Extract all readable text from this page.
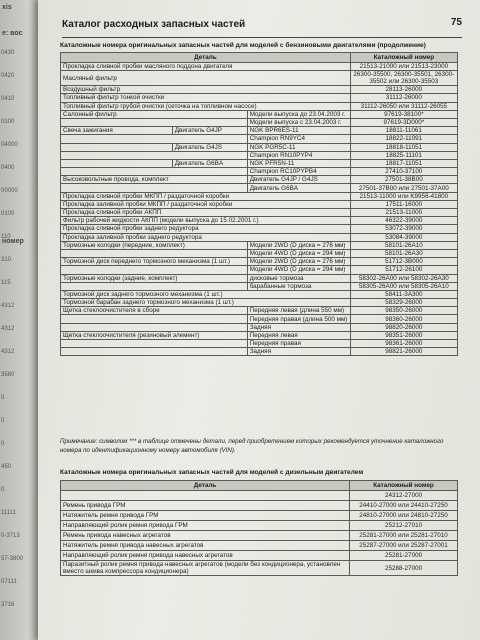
xis
е: вос
номер
0430
0420
0410
0100
04000
0400
00000
0100
110
310
115
4312
4312
4312
3580
0
0
0
450
0
11111
0-3713
57-3800
07111
3716
Каталог расходных запасных частей	75
Каталожные номера оригинальных запасных частей для моделей с бензиновыми двигателями (продолжение)
Деталь			Каталожный номер
Прокладка сливной пробки масляного поддона двигателя			21513-21000 или 21513-23000
Масляный фильтр			26300-35500, 26300-35501, 26300-35502 или 26300-35503
Воздушный фильтр			28113-26000
Топливный фильтр тонкой очистки			31112-26000
Топливный фильтр грубой очистки (сеточка на топливном насосе)			31112-26050 или 31112-26055
Салонный фильтр		Модели выпуска до 23.04.2003 г.	97619-38100*
		Модели выпуска с 23.04.2003 г.	97619-3D000*
Свеча зажигания	Двигатель G4JP	NGK BPR6ES-11	18811-11061
		Champion RN9YC4	18822-11091
	Двигатель G4JS	NGK PGR5C-11	18818-11051
		Champion RN10PYP4	18825-11101
	Двигатель G6BA	NGK PFR5N-11	18817-11051
		Champion RC10PYPB4	27410-37100
Высоковольтные провода, комплект		Двигатель G4JP / G4JS	27501-38B00
		Двигатель G6BA	27501-37B00 или 27501-37A00
Прокладка сливной пробки МКПП / раздаточной коробки			21513-11000 или K9956-41800
Прокладка заливной пробки МКПП / раздаточной коробки			17511-16000
Прокладка сливной пробки АКПП			21513-11000
Фильтр рабочей жидкости АКПП (модели выпуска до 15.02.2001 г.)			46322-39000
Прокладка сливной пробки заднего редуктора			53072-39000
Прокладка заливной пробки заднего редуктора			53084-39000
Тормозные колодки (передние, комплект)		Модели 2WD (D диска = 276 мм)	58101-26A10
		Модели 4WD (D диска = 294 мм)	58101-26A30
Тормозной диск переднего тормозного механизма (1 шт.)		Модели 2WD (D диска = 276 мм)	51712-3B000
		Модели 4WD (D диска = 294 мм)	51712-26100
Тормозные колодки (задние, комплект)		дисковые тормоза	58302-26A00 или 58302-26A30
		барабанные тормоза	58305-26A00 или 58305-26A10
Тормозной диск заднего тормозного механизма (1 шт.)			58411-3A300
Тормозной барабан заднего тормозного механизма (1 шт.)			58329-26000
Щетка стеклоочистителя в сборе		Передняя левая (длина 550 мм)	98350-26000
		Передняя правая (длина 500 мм)	98360-26000
		Задняя	98820-26000
Щетка стеклоочистителя (резиновый элемент)		Передняя левая	98351-26000
		Передняя правая	98361-26000
		Задняя	98821-26000
Примечание: символом *** в таблице отмечены детали, перед приобретением которых рекомендуется уточнение каталожного номера по идентификационному номеру автомобиля (VIN).
Каталожные номера оригинальных запасных частей для моделей с дизельным двигателем
Деталь	Каталожный номер
	24312-27000
Ремень привода ГРМ	24410-27000 или 24410-27250
Натяжитель ремня привода ГРМ	24810-27000 или 24810-27250
Направляющий ролик ремня привода ГРМ	25212-27010
Ремень привода навесных агрегатов	25281-27000 или 25281-27010
Натяжитель ремня привода навесных агрегатов	25287-27000 или 25287-27001
Направляющий ролик ремня привода навесных агрегатов	25281-27000
Паразитный ролик ремня привода навесных агрегатов (модели без кондиционера, установлен вместо шкива компрессора кондиционера)	25288-27000
